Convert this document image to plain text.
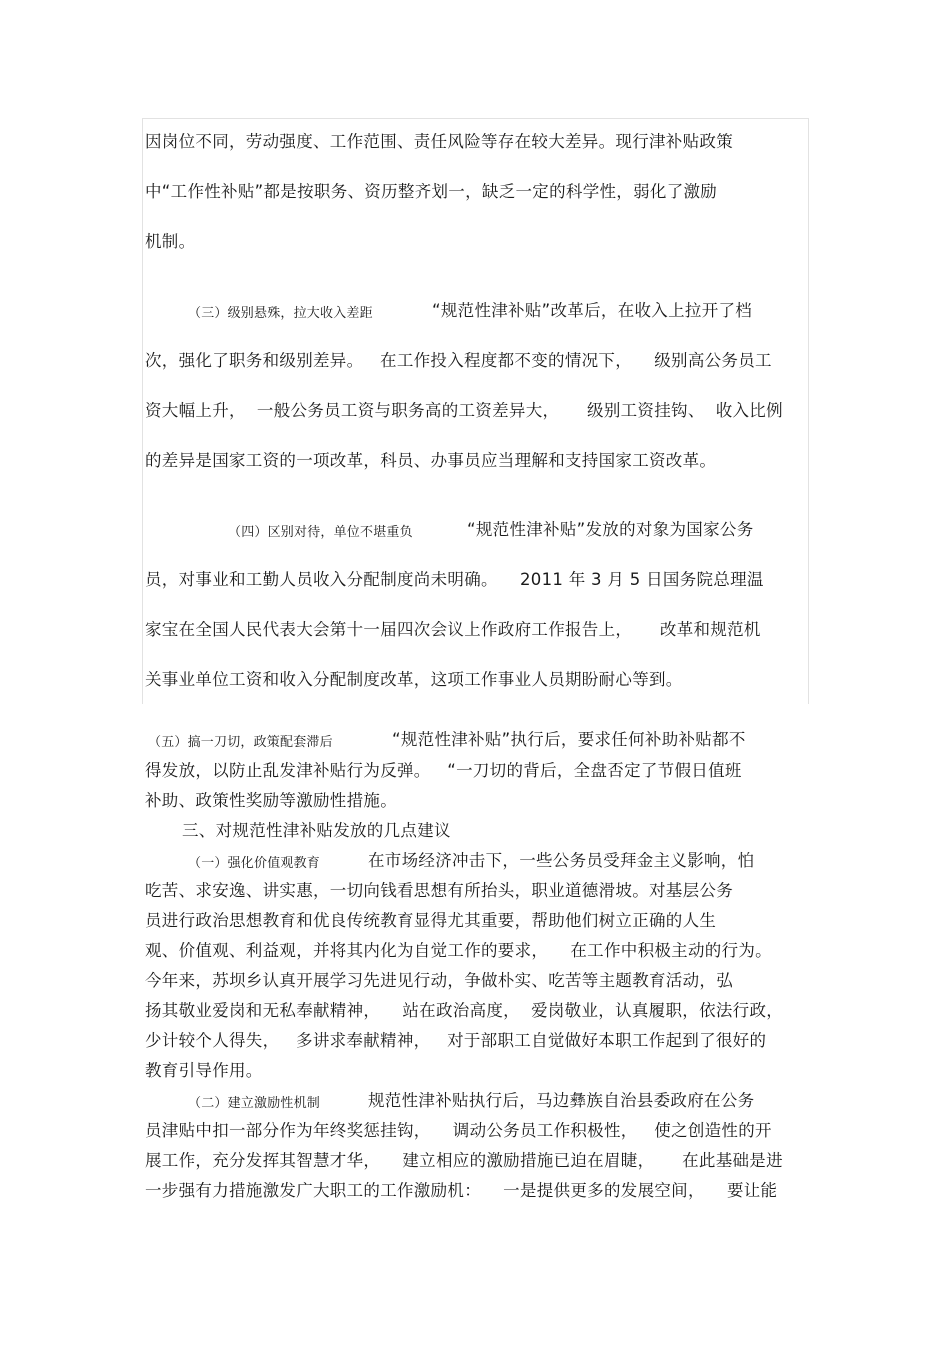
因岗位不同，劳动强度、工作范围、责任风险等存在较大差异。现行津补贴政策
中“工作性补贴”都是按职务、资历整齐划一，缺乏一定的科学性，弱化了激励
机制。
（三）级别悬殊，拉大收入差距	“规范性津补贴”改革后，在收入上拉开了档
次，强化了职务和级别差异。   在工作投入程度都不变的情况下，    级别高公务员工
资大幅上升，  一般公务员工资与职务高的工资差异大，     级别工资挂钩、  收入比例
的差异是国家工资的一项改革，科员、办事员应当理解和支持国家工资改革。
（四）区别对待，单位不堪重负	“规范性津补贴”发放的对象为国家公务
员，对事业和工勤人员收入分配制度尚未明确。    2011 年 3 月 5 日国务院总理温
家宝在全国人民代表大会第十一届四次会议上作政府工作报告上，     改革和规范机
关事业单位工资和收入分配制度改革，这项工作事业人员期盼耐心等到。
（五）搞一刀切，政策配套滞后	“规范性津补贴”执行后，要求任何补助补贴都不
得发放，以防止乱发津补贴行为反弹。   “一刀切的背后，全盘否定了节假日值班
补助、政策性奖励等激励性措施。
三、对规范性津补贴发放的几点建议
（一）强化价值观教育	在市场经济冲击下，一些公务员受拜金主义影响，怕
吃苦、求安逸、讲实惠，一切向钱看思想有所抬头，职业道德滑坡。对基层公务
员进行政治思想教育和优良传统教育显得尤其重要，帮助他们树立正确的人生
观、价值观、利益观，并将其内化为自觉工作的要求，    在工作中积极主动的行为。
今年来，苏坝乡认真开展学习先进见行动，争做朴实、吃苦等主题教育活动，弘
扬其敬业爱岗和无私奉献精神，    站在政治高度，  爱岗敬业，认真履职，依法行政，
少计较个人得失，   多讲求奉献精神，   对于部职工自觉做好本职工作起到了很好的
教育引导作用。
（二）建立激励性机制	规范性津补贴执行后，马边彝族自治县委政府在公务
员津贴中扣一部分作为年终奖惩挂钩，    调动公务员工作积极性，   使之创造性的开
展工作，充分发挥其智慧才华，    建立相应的激励措施已迫在眉睫，     在此基础是进
一步强有力措施激发广大职工的工作激励机：    一是提供更多的发展空间，    要让能
